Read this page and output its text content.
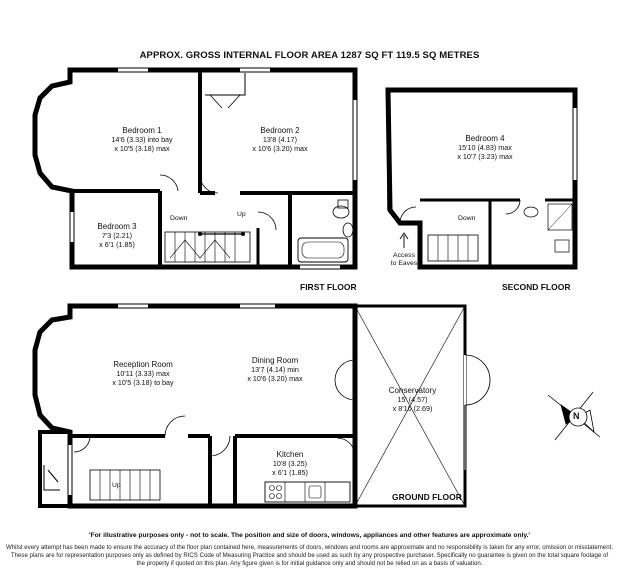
APPROX. GROSS INTERNAL FLOOR AREA 1287 SQ FT 119.5 SQ METRES
FIRST FLOOR	SECOND FLOOR
GROUND FLOOR
Bedroom 1
14'6 (3.33) into bay
x 10'5 (3.18) max
Bedroom 2
13'8 (4.17)
x 10'6 (3.20) max
Bedroom 3
7'3 (2.21)
x 6'1 (1.85)
Bedroom 4
15'10 (4.83) max
x 10'7 (3.23) max
Reception Room
10'11 (3.33) max
x 10'5 (3.18) to bay
Dining Room
13'7 (4.14) min
x 10'6 (3.20) max
Conservatory
15' (4.57)
x 8'10 (2.69)
Kitchen
10'8 (3.25)
x 6'1 (1.85)
Down
Up
Down
Up
Access
to Eaves
N
'For illustrative purposes only - not to scale. The position and size of doors, windows, appliances and other features are approximate only.'
Whilst every attempt has been made to ensure the accuracy of the floor plan contained here, measurements of doors, windows and rooms are approximate and no responsibility is taken for any error, omission or misstatement. These plans are for representation purposes only as defined by RICS Code of Measuring Practice and should be used as such by any prospective purchaser. Specifically no guarantee is given on the total square footage of the property if quoted on this plan. Any figure given is for initial guidance only and should not be relied on as a basis of valuation.
